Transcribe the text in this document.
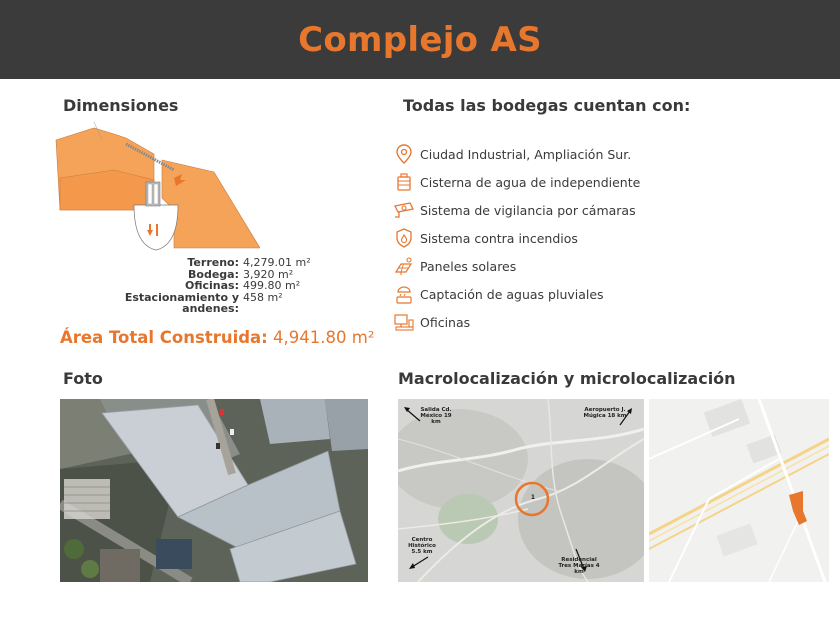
Complejo AS
Dimensiones
Terreno: 4,279.01 m²
Bodega: 3,920 m²
Oficinas: 499.80 m²
Estacionamiento y andenes:
458 m²
Área Total Construida: 4,941.80 m²
Todas las bodegas cuentan con:
Ciudad Industrial, Ampliación Sur.
Cisterna de agua de independiente
Sistema de vigilancia por cámaras
Sistema contra incendios
Paneles solares
Captación de aguas pluviales
Oficinas
Foto	Macrolocalización y microlocalización
1
Salida Cd. México 19 km
Aeropuerto J. Múgica 18 km
Centro Histórico 5.5 km
Residencial Tres Marías 4 km
